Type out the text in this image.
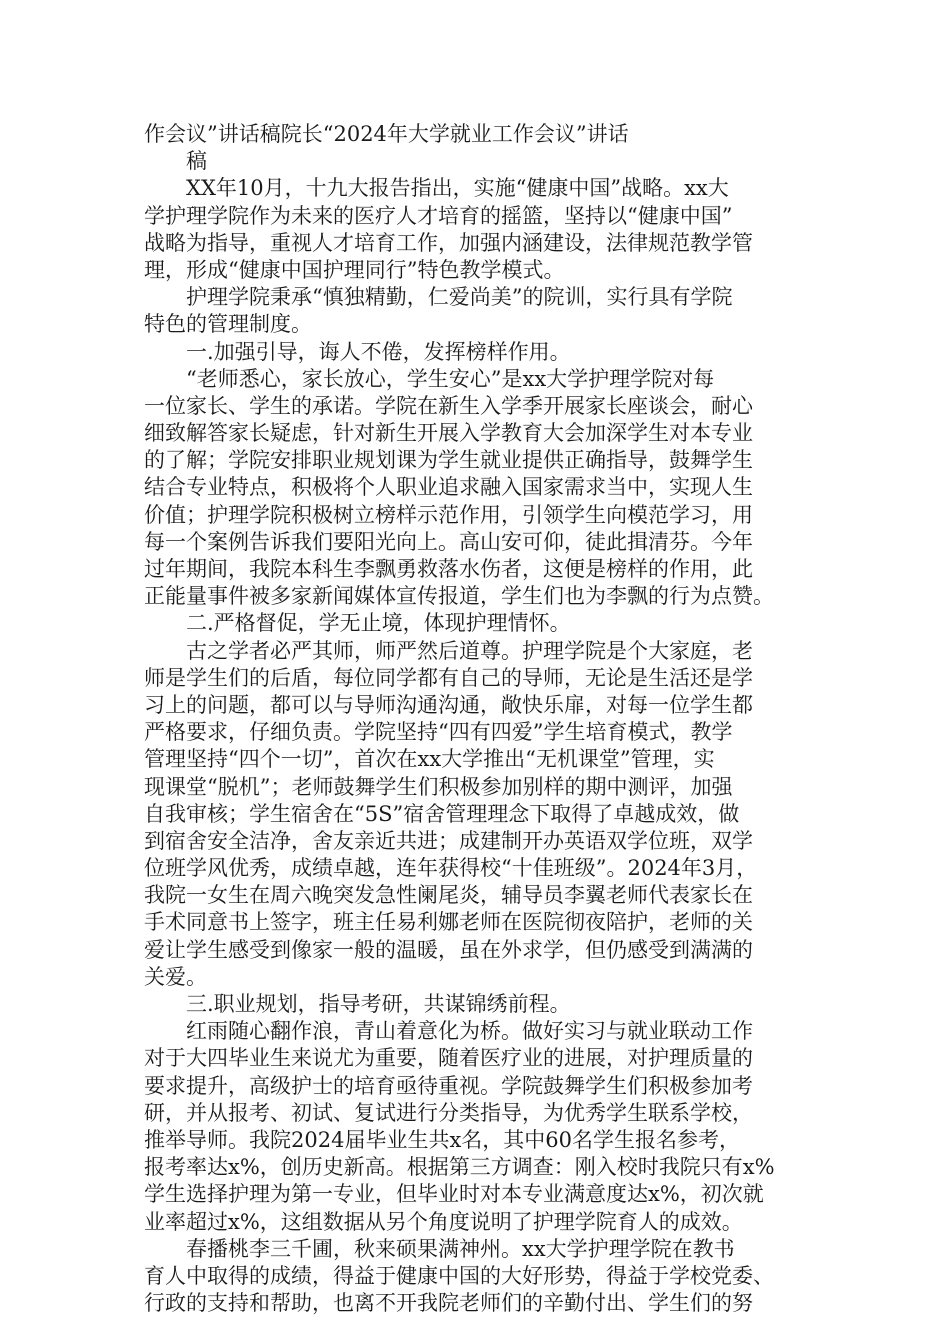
作会议”讲话稿院长“2024年大学就业工作会议”讲话
稿
XX年10月，十九大报告指出，实施“健康中国”战略。xx大
学护理学院作为未来的医疗人才培育的摇篮，坚持以“健康中国”
战略为指导，重视人才培育工作，加强内涵建设，法律规范教学管
理，形成“健康中国护理同行”特色教学模式。
护理学院秉承“慎独精勤，仁爱尚美”的院训，实行具有学院
特色的管理制度。
一.加强引导，诲人不倦，发挥榜样作用。
“老师悉心，家长放心，学生安心”是xx大学护理学院对每
一位家长、学生的承诺。学院在新生入学季开展家长座谈会，耐心
细致解答家长疑虑，针对新生开展入学教育大会加深学生对本专业
的了解；学院安排职业规划课为学生就业提供正确指导，鼓舞学生
结合专业特点，积极将个人职业追求融入国家需求当中，实现人生
价值；护理学院积极树立榜样示范作用，引领学生向模范学习，用
每一个案例告诉我们要阳光向上。高山安可仰，徒此揖清芬。今年
过年期间，我院本科生李飘勇救落水伤者，这便是榜样的作用，此
正能量事件被多家新闻媒体宣传报道，学生们也为李飘的行为点赞。
二.严格督促，学无止境，体现护理情怀。
古之学者必严其师，师严然后道尊。护理学院是个大家庭，老
师是学生们的后盾，每位同学都有自己的导师，无论是生活还是学
习上的问题，都可以与导师沟通沟通，敞快乐扉，对每一位学生都
严格要求，仔细负责。学院坚持“四有四爱”学生培育模式，教学
管理坚持“四个一切”，首次在xx大学推出“无机课堂”管理，实
现课堂“脱机”；老师鼓舞学生们积极参加别样的期中测评，加强
自我审核；学生宿舍在“5S”宿舍管理理念下取得了卓越成效，做
到宿舍安全洁净，舍友亲近共进；成建制开办英语双学位班，双学
位班学风优秀，成绩卓越，连年获得校“十佳班级”。2024年3月，
我院一女生在周六晚突发急性阑尾炎，辅导员李翼老师代表家长在
手术同意书上签字，班主任易利娜老师在医院彻夜陪护，老师的关
爱让学生感受到像家一般的温暖，虽在外求学，但仍感受到满满的
关爱。
三.职业规划，指导考研，共谋锦绣前程。
红雨随心翻作浪，青山着意化为桥。做好实习与就业联动工作
对于大四毕业生来说尤为重要，随着医疗业的进展，对护理质量的
要求提升，高级护士的培育亟待重视。学院鼓舞学生们积极参加考
研，并从报考、初试、复试进行分类指导，为优秀学生联系学校，
推举导师。我院2024届毕业生共x名，其中60名学生报名参考，
报考率达x%，创历史新高。根据第三方调查：刚入校时我院只有x%
学生选择护理为第一专业，但毕业时对本专业满意度达x%，初次就
业率超过x%，这组数据从另个角度说明了护理学院育人的成效。
春播桃李三千圃，秋来硕果满神州。xx大学护理学院在教书
育人中取得的成绩，得益于健康中国的大好形势，得益于学校党委、
行政的支持和帮助，也离不开我院老师们的辛勤付出、学生们的努
